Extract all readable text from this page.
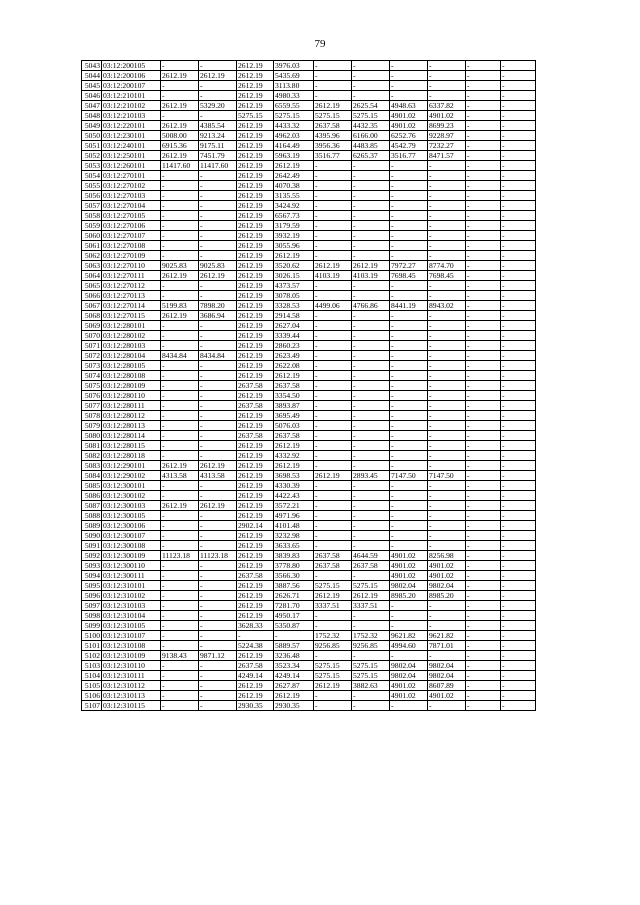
79
5043	03:12:200105	-	-	2612.19	3976.03	-	-	-	-	-	-
5044	03:12:200106	2612.19	2612.19	2612.19	5435.69	-	-	-	-	-	-
5045	03:12:200107	-	-	2612.19	3113.80	-	-	-	-	-	-
5046	03:12:210101	-	-	2612.19	4980.33	-	-	-	-	-	-
5047	03:12:210102	2612.19	5329.20	2612.19	6559.55	2612.19	2625.54	4948.63	6337.82	-	-
5048	03:12:210103	-	-	5275.15	5275.15	5275.15	5275.15	4901.02	4901.02	-	-
5049	03:12:220101	2612.19	4385.54	2612.19	4433.32	2637.58	4432.35	4901.02	8699.23	-	-
5050	03:12:230101	5008.00	9213.24	2612.19	4962.03	4395.96	6166.00	6252.76	9228.97	-	-
5051	03:12:240101	6915.36	9175.11	2612.19	4164.49	3956.36	4483.85	4542.79	7232.27	-	-
5052	03:12:250101	2612.19	7451.79	2612.19	5963.19	3516.77	6265.37	3516.77	8471.57	-	-
5053	03:12:260101	11417.60	11417.60	2612.19	2612.19	-	-	-	-	-	-
5054	03:12:270101	-	-	2612.19	2642.49	-	-	-	-	-	-
5055	03:12:270102	-	-	2612.19	4070.38	-	-	-	-	-	-
5056	03:12:270103	-	-	2612.19	3135.55	-	-	-	-	-	-
5057	03:12:270104	-	-	2612.19	3424.92	-	-	-	-	-	-
5058	03:12:270105	-	-	2612.19	6567.73	-	-	-	-	-	-
5059	03:12:270106	-	-	2612.19	3179.59	-	-	-	-	-	-
5060	03:12:270107	-	-	2612.19	3932.19	-	-	-	-	-	-
5061	03:12:270108	-	-	2612.19	3055.96	-	-	-	-	-	-
5062	03:12:270109	-	-	2612.19	2612.19	-	-	-	-	-	-
5063	03:12:270110	9025.83	9025.83	2612.19	3520.62	2612.19	2612.19	7972.27	8774.70	-	-
5064	03:12:270111	2612.19	2612.19	2612.19	3026.15	4103.19	4103.19	7698.45	7698.45	-	-
5065	03:12:270112	-	-	2612.19	4373.57	-	-	-	-	-	-
5066	03:12:270113	-	-	2612.19	3078.05	-	-	-	-	-	-
5067	03:12:270114	5199.83	7898.20	2612.19	3328.53	4499.06	4766.86	8441.19	8943.02	-	-
5068	03:12:270115	2612.19	3686.94	2612.19	2914.58	-	-	-	-	-	-
5069	03:12:280101	-	-	2612.19	2627.04	-	-	-	-	-	-
5070	03:12:280102	-	-	2612.19	3339.44	-	-	-	-	-	-
5071	03:12:280103	-	-	2612.19	2860.23	-	-	-	-	-	-
5072	03:12:280104	8434.84	8434.84	2612.19	2623.49	-	-	-	-	-	-
5073	03:12:280105	-	-	2612.19	2622.08	-	-	-	-	-	-
5074	03:12:280108	-	-	2612.19	2612.19	-	-	-	-	-	-
5075	03:12:280109	-	-	2637.58	2637.58	-	-	-	-	-	-
5076	03:12:280110	-	-	2612.19	3354.50	-	-	-	-	-	-
5077	03:12:280111	-	-	2637.58	3893.87	-	-	-	-	-	-
5078	03:12:280112	-	-	2612.19	3695.49	-	-	-	-	-	-
5079	03:12:280113	-	-	2612.19	5076.03	-	-	-	-	-	-
5080	03:12:280114	-	-	2637.58	2637.58	-	-	-	-	-	-
5081	03:12:280115	-	-	2612.19	2612.19	-	-	-	-	-	-
5082	03:12:280118	-	-	2612.19	4332.92	-	-	-	-	-	-
5083	03:12:290101	2612.19	2612.19	2612.19	2612.19	-	-	-	-	-	-
5084	03:12:290102	4313.58	4313.58	2612.19	3698.53	2612.19	2893.45	7147.50	7147.50	-	-
5085	03:12:300101	-	-	2612.19	4330.39	-	-	-	-	-	-
5086	03:12:300102	-	-	2612.19	4422.43	-	-	-	-	-	-
5087	03:12:300103	2612.19	2612.19	2612.19	3572.21	-	-	-	-	-	-
5088	03:12:300105	-	-	2612.19	4971.96	-	-	-	-	-	-
5089	03:12:300106	-	-	2902.14	4101.48	-	-	-	-	-	-
5090	03:12:300107	-	-	2612.19	3232.98	-	-	-	-	-	-
5091	03:12:300108	-	-	2612.19	3633.65	-	-	-	-	-	-
5092	03:12:300109	11123.18	11123.18	2612.19	3839.83	2637.58	4644.59	4901.02	8256.98	-	-
5093	03:12:300110	-	-	2612.19	3778.80	2637.58	2637.58	4901.02	4901.02	-	-
5094	03:12:300111	-	-	2637.58	3566.30	-	-	4901.02	4901.02	-	-
5095	03:12:310101	-	-	2612.19	3887.56	5275.15	5275.15	9802.04	9802.04	-	-
5096	03:12:310102	-	-	2612.19	2626.71	2612.19	2612.19	8985.20	8985.20	-	-
5097	03:12:310103	-	-	2612.19	7281.70	3337.51	3337.51	-	-	-	-
5098	03:12:310104	-	-	2612.19	4950.17	-	-	-	-	-	-
5099	03:12:310105	-	-	3628.33	5350.87	-	-	-	-	-	-
5100	03:12:310107	-	-	-	-	1752.32	1752.32	9621.82	9621.82	-	-
5101	03:12:310108	-	-	5224.38	5889.57	9256.85	9256.85	4994.60	7871.01	-	-
5102	03:12:310109	9138.43	9871.12	2612.19	3236.48	-	-	-	-	-	-
5103	03:12:310110	-	-	2637.58	3523.34	5275.15	5275.15	9802.04	9802.04	-	-
5104	03:12:310111	-	-	4249.14	4249.14	5275.15	5275.15	9802.04	9802.04	-	-
5105	03:12:310112	-	-	2612.19	2627.87	2612.19	3882.63	4901.02	8607.89	-	-
5106	03:12:310113	-	-	2612.19	2612.19	-	-	4901.02	4901.02	-	-
5107	03:12:310115	-	-	2930.35	2930.35	-	-	-	-	-	-
